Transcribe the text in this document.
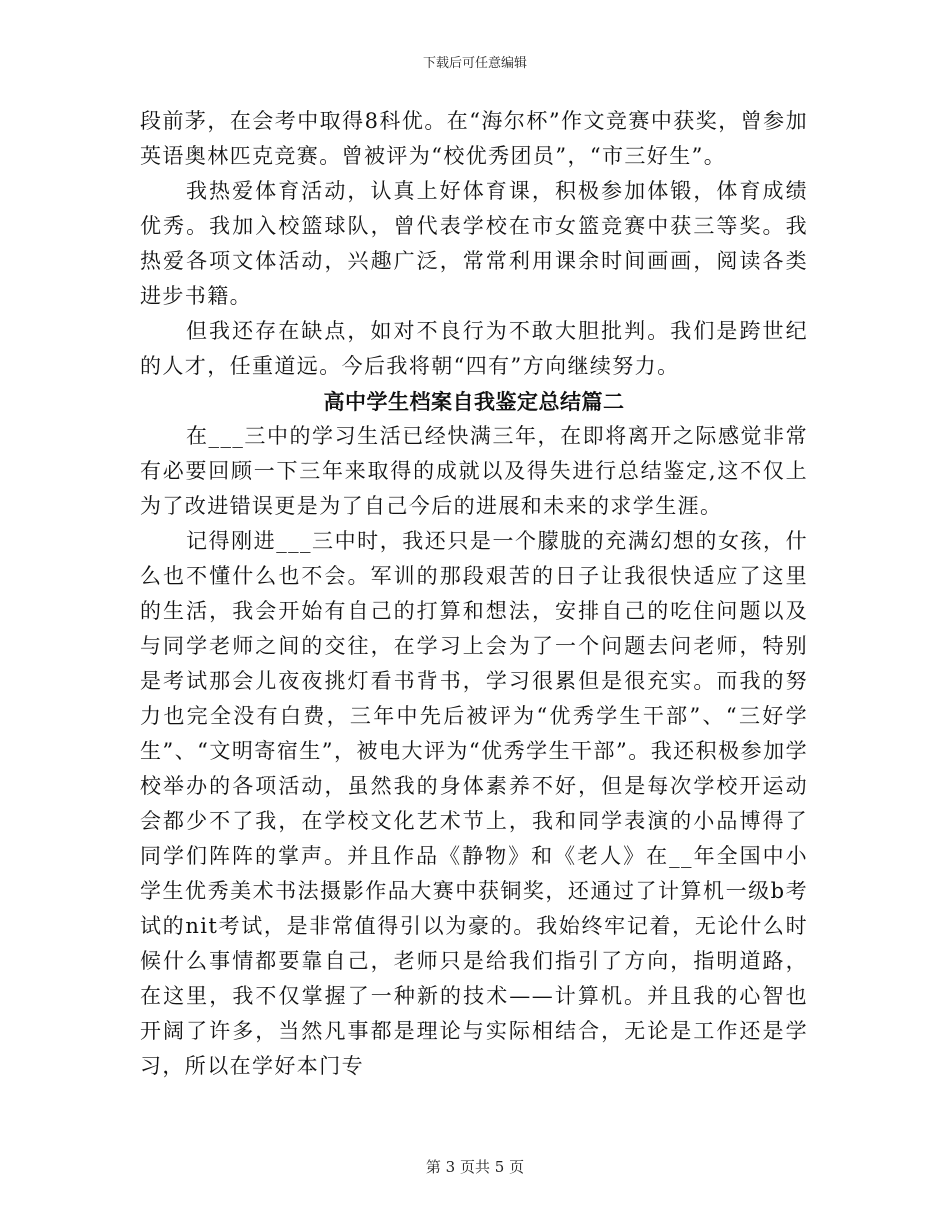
下载后可任意编辑

段前茅，在会考中取得8科优。在“海尔杯”作文竞赛中获奖，曾参加英语奥林匹克竞赛。曾被评为“校优秀团员”，“市三好生”。

我热爱体育活动，认真上好体育课，积极参加体锻，体育成绩优秀。我加入校篮球队，曾代表学校在市女篮竞赛中获三等奖。我热爱各项文体活动，兴趣广泛，常常利用课余时间画画，阅读各类进步书籍。

但我还存在缺点，如对不良行为不敢大胆批判。我们是跨世纪的人才，任重道远。今后我将朝“四有”方向继续努力。

高中学生档案自我鉴定总结篇二

在___三中的学习生活已经快满三年，在即将离开之际感觉非常有必要回顾一下三年来取得的成就以及得失进行总结鉴定,这不仅上为了改进错误更是为了自己今后的进展和未来的求学生涯。

记得刚进___三中时，我还只是一个朦胧的充满幻想的女孩，什么也不懂什么也不会。军训的那段艰苦的日子让我很快适应了这里的生活，我会开始有自己的打算和想法，安排自己的吃住问题以及与同学老师之间的交往，在学习上会为了一个问题去问老师，特别是考试那会儿夜夜挑灯看书背书，学习很累但是很充实。而我的努力也完全没有白费，三年中先后被评为“优秀学生干部”、“三好学生”、“文明寄宿生”，被电大评为“优秀学生干部”。我还积极参加学校举办的各项活动，虽然我的身体素养不好，但是每次学校开运动会都少不了我，在学校文化艺术节上，我和同学表演的小品博得了同学们阵阵的掌声。并且作品《静物》和《老人》在__年全国中小学生优秀美术书法摄影作品大赛中获铜奖，还通过了计算机一级b考试的nit考试，是非常值得引以为豪的。我始终牢记着，无论什么时候什么事情都要靠自己，老师只是给我们指引了方向，指明道路，在这里，我不仅掌握了一种新的技术——计算机。并且我的心智也开阔了许多，当然凡事都是理论与实际相结合，无论是工作还是学习，所以在学好本门专

第 3 页共 5 页
